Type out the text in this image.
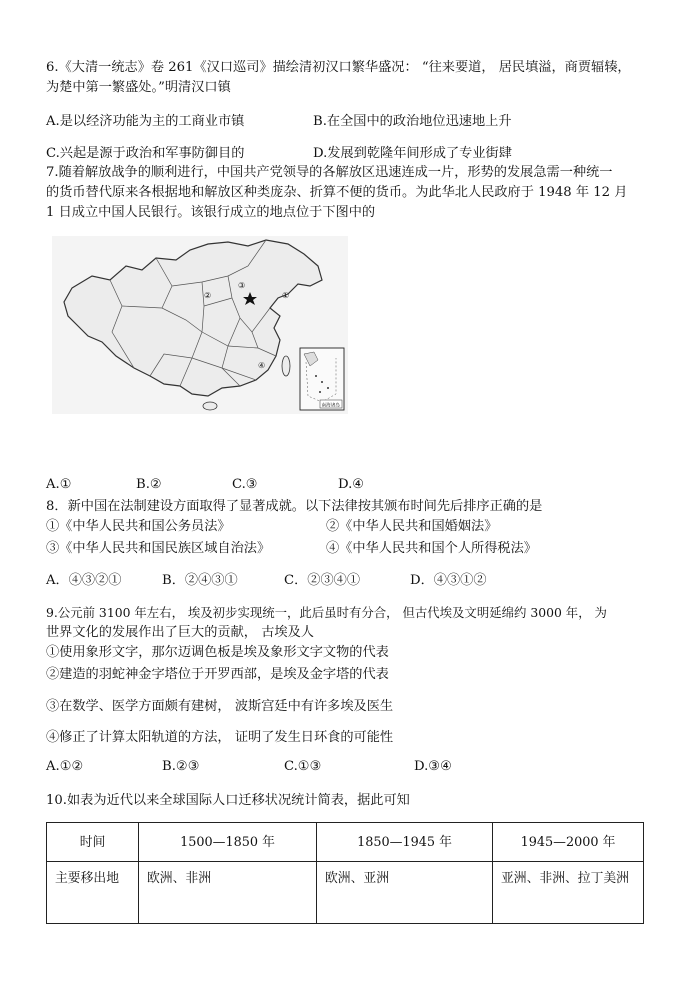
6.《大清一统志》卷 261《汉口巡司》描绘清初汉口繁华盛况： “往来要道， 居民填溢，商贾辐辏，
为楚中第一繁盛处。”明清汉口镇
A.是以经济功能为主的工商业市镇	B.在全国中的政治地位迅速地上升
C.兴起是源于政治和军事防御目的	D.发展到乾隆年间形成了专业街肆
7.随着解放战争的顺利进行，中国共产党领导的各解放区迅速连成一片，形势的发展急需一种统一
的货币替代原来各根据地和解放区种类庞杂、折算不便的货币。为此华北人民政府于 1948 年 12 月
1 日成立中国人民银行。该银行成立的地点位于下图中的
①
②
③
④
南海诸岛
A.①	B.②	C.③	D.④
8．新中国在法制建设方面取得了显著成就。以下法律按其颁布时间先后排序正确的是
①《中华人民共和国公务员法》	②《中华人民共和国婚姻法》
③《中华人民共和国民族区域自治法》	④《中华人民共和国个人所得税法》
A．④③②①	B．②④③①	C．②③④①	D．④③①②
9.公元前 3100 年左右， 埃及初步实现统一，此后虽时有分合， 但古代埃及文明延绵约 3000 年， 为
世界文化的发展作出了巨大的贡献， 古埃及人
①使用象形文字，那尔迈调色板是埃及象形文字文物的代表
②建造的羽蛇神金字塔位于开罗西部，是埃及金字塔的代表
③在数学、医学方面颇有建树， 波斯宫廷中有许多埃及医生
④修正了计算太阳轨道的方法， 证明了发生日环食的可能性
A.①②	B.②③	C.①③	D.③④
10.如表为近代以来全球国际人口迁移状况统计简表，据此可知
时间	1500—1850 年	1850—1945 年	1945—2000 年
主要移出地	欧洲、非洲	欧洲、亚洲	亚洲、非洲、拉丁美洲
